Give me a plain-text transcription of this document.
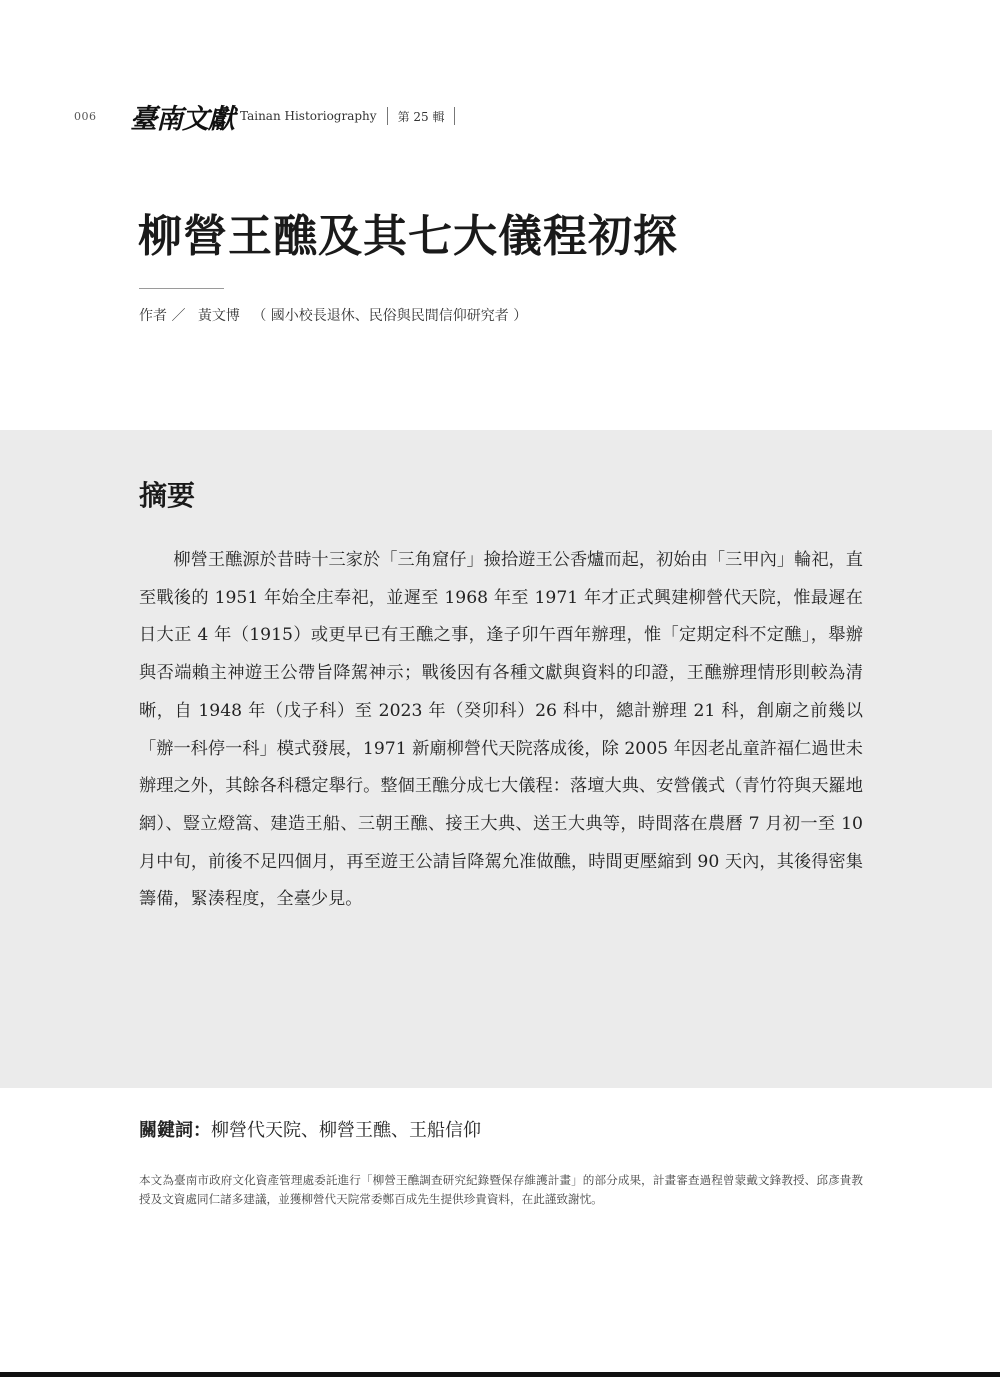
006	臺南文獻 Tainan Historiography 第 25 輯
柳營王醮及其七大儀程初探
作者 ／ 黃文博 （ 國小校長退休、民俗與民間信仰研究者 ）
摘要

柳營王醮源於昔時十三家於「三角窟仔」撿拾遊王公香爐而起，初始由「三甲內」輪祀，直至戰後的 1951 年始全庄奉祀，並遲至 1968 年至 1971 年才正式興建柳營代天院，惟最遲在日大正 4 年（1915）或更早已有王醮之事，逢子卯午酉年辦理，惟「定期定科不定醮」，舉辦與否端賴主神遊王公帶旨降駕神示；戰後因有各種文獻與資料的印證，王醮辦理情形則較為清晰，自 1948 年（戊子科）至 2023 年（癸卯科）26 科中，總計辦理 21 科，創廟之前幾以「辦一科停一科」模式發展，1971 新廟柳營代天院落成後，除 2005 年因老乩童許福仁過世未辦理之外，其餘各科穩定舉行。整個王醮分成七大儀程：落壇大典、安營儀式（青竹符與天羅地網）、豎立燈篙、建造王船、三朝王醮、接王大典、送王大典等，時間落在農曆 7 月初一至 10 月中旬，前後不足四個月，再至遊王公請旨降駕允准做醮，時間更壓縮到 90 天內，其後得密集籌備，緊湊程度，全臺少見。

關鍵詞：柳營代天院、柳營王醮、王船信仰

本文為臺南市政府文化資產管理處委託進行「柳營王醮調查研究紀錄暨保存維護計畫」的部分成果，計畫審查過程曾蒙戴文鋒教授、邱彥貴教授及文資處同仁諸多建議，並獲柳營代天院常委鄭百成先生提供珍貴資料，在此謹致謝忱。
